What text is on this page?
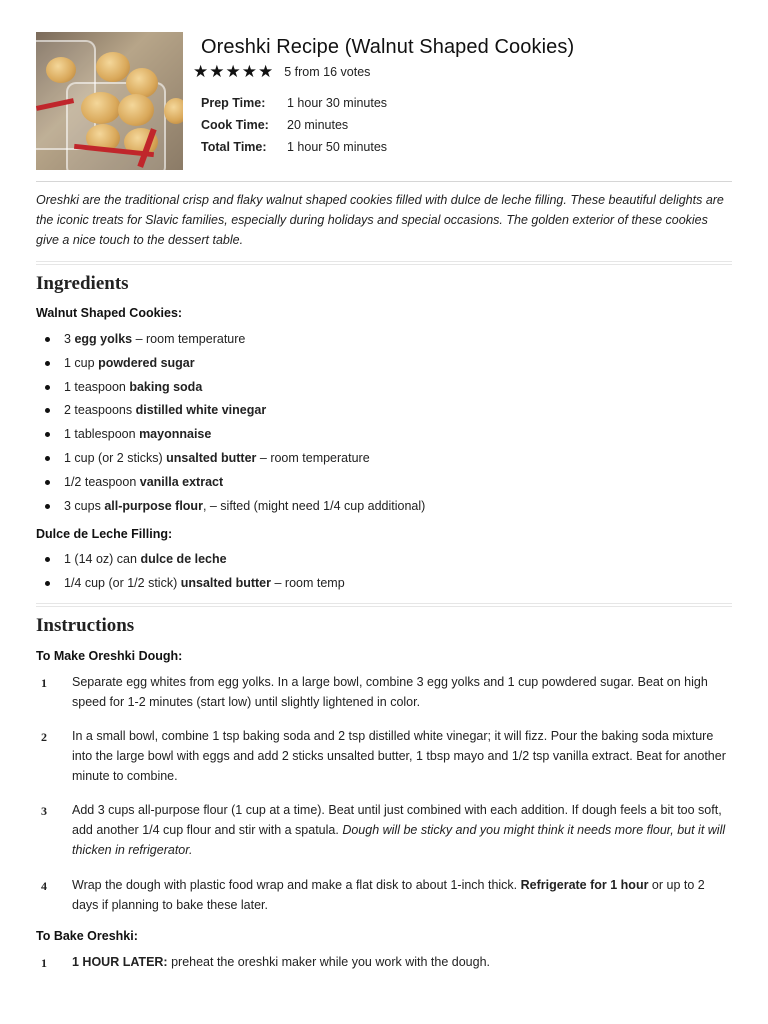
Oreshki Recipe (Walnut Shaped Cookies)
★ ★ ★ ★ ★ 5 from 16 votes
Prep Time:	1 hour 30 minutes
Cook Time:	20 minutes
Total Time:	1 hour 50 minutes

Oreshki are the traditional crisp and flaky walnut shaped cookies filled with dulce de leche filling. These beautiful delights are the iconic treats for Slavic families, especially during holidays and special occasions. The golden exterior of these cookies give a nice touch to the dessert table.

Ingredients
Walnut Shaped Cookies:
3 egg yolks – room temperature
1 cup powdered sugar
1 teaspoon baking soda
2 teaspoons distilled white vinegar
1 tablespoon mayonnaise
1 cup (or 2 sticks) unsalted butter – room temperature
1/2 teaspoon vanilla extract
3 cups all-purpose flour, – sifted (might need 1/4 cup additional)
Dulce de Leche Filling:
1 (14 oz) can dulce de leche
1/4 cup (or 1/2 stick) unsalted butter – room temp
Instructions
To Make Oreshki Dough:
1 Separate egg whites from egg yolks. In a large bowl, combine 3 egg yolks and 1 cup powdered sugar. Beat on high speed for 1-2 minutes (start low) until slightly lightened in color.
2 In a small bowl, combine 1 tsp baking soda and 2 tsp distilled white vinegar; it will fizz. Pour the baking soda mixture into the large bowl with eggs and add 2 sticks unsalted butter, 1 tbsp mayo and 1/2 tsp vanilla extract. Beat for another minute to combine.
3 Add 3 cups all-purpose flour (1 cup at a time). Beat until just combined with each addition. If dough feels a bit too soft, add another 1/4 cup flour and stir with a spatula. Dough will be sticky and you might think it needs more flour, but it will thicken in refrigerator.
4 Wrap the dough with plastic food wrap and make a flat disk to about 1-inch thick. Refrigerate for 1 hour or up to 2 days if planning to bake these later.
To Bake Oreshki:
1 1 HOUR LATER: preheat the oreshki maker while you work with the dough.
